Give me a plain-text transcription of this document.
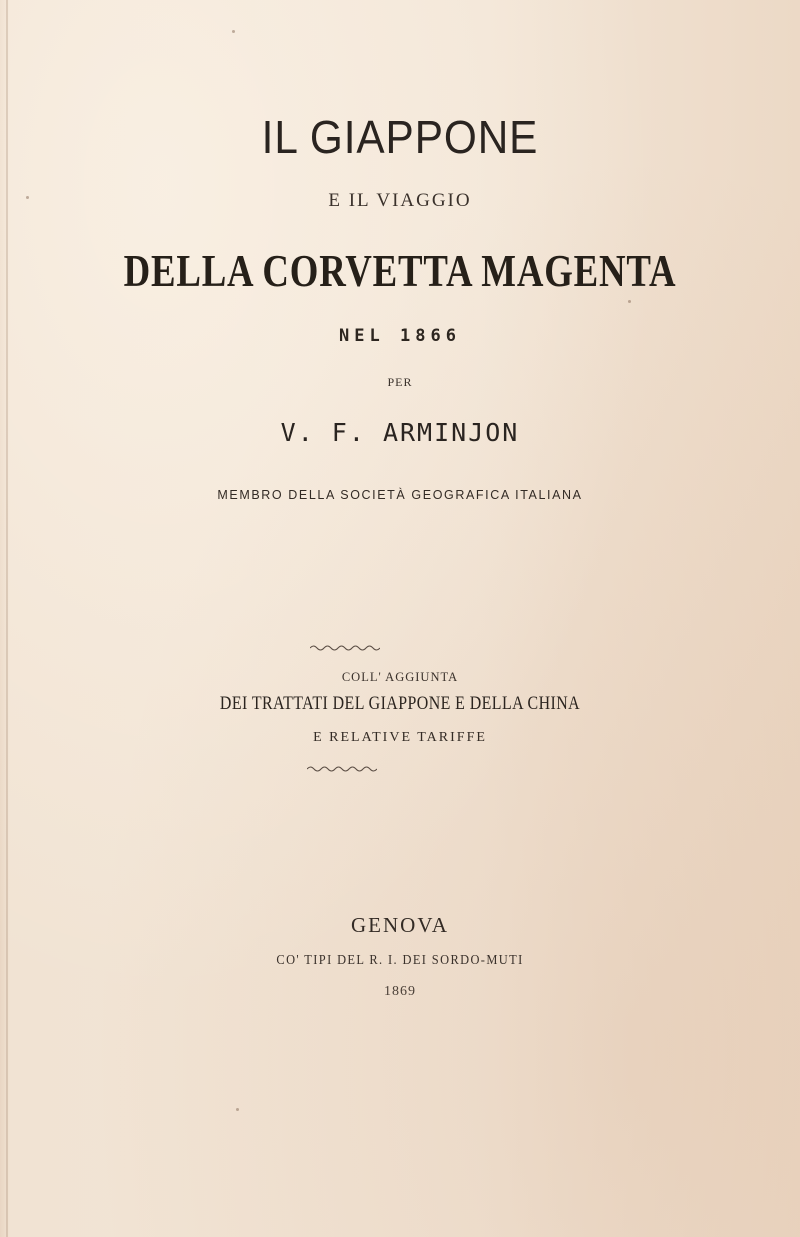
IL GIAPPONE
E IL VIAGGIO
DELLA CORVETTA MAGENTA
NEL 1866
PER
V. F. ARMINJON
MEMBRO DELLA SOCIETÀ GEOGRAFICA ITALIANA
COLL' AGGIUNTA
DEI TRATTATI DEL GIAPPONE E DELLA CHINA
E RELATIVE TARIFFE
GENOVA
CO' TIPI DEL R. I. DEI SORDO-MUTI
1869
